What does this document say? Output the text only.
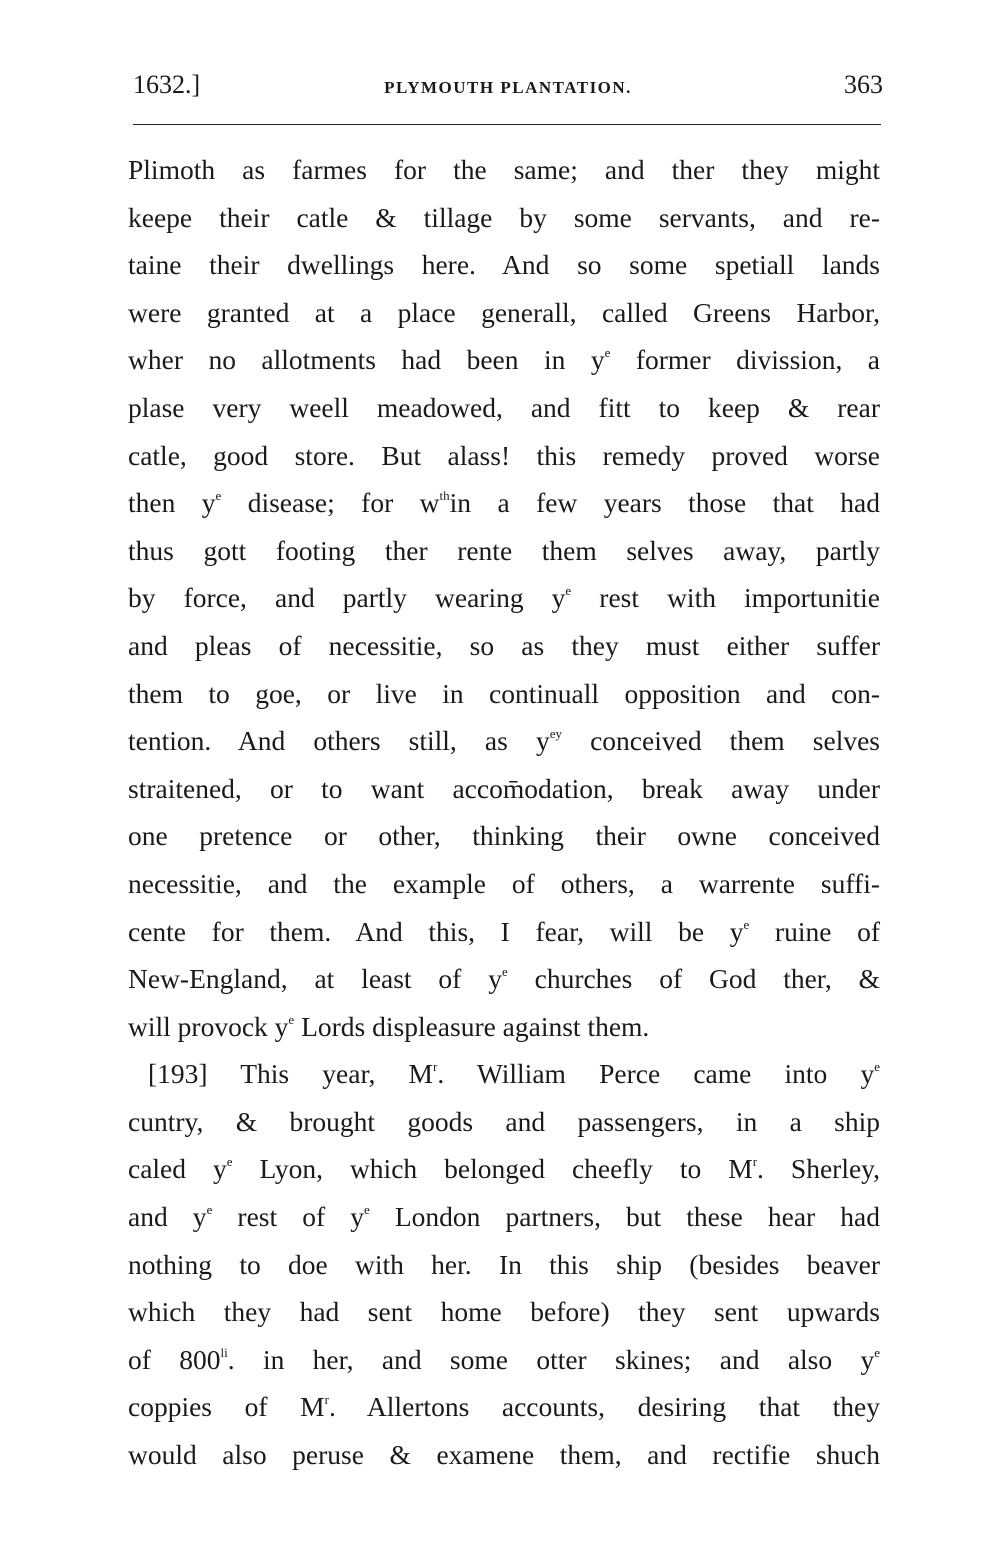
1632.]	PLYMOUTH PLANTATION.	363
Plimoth as farmes for the same; and ther they might
keepe their catle & tillage by some servants, and re-
taine their dwellings here. And so some spetiall lands
were granted at a place generall, called Greens Harbor,
wher no allotments had been in $y^e$ former divission, a
plase very weell meadowed, and fitt to keep & rear
catle, good store. But alass! this remedy proved worse
then $y^e$ disease; for $w^{th}in$ a few years those that had
thus gott footing ther rente them selves away, partly
by force, and partly wearing $y^e$ rest with importunitie
and pleas of necessitie, so as they must either suffer
them to goe, or live in continuall opposition and con-
tention. And others still, as $y^{ey}$ conceived them selves
straitened, or to want accom̄odation, break away under
one pretence or other, thinking their owne conceived
necessitie, and the example of others, a warrente suffi-
cente for them. And this, I fear, will be $y^e$ ruine of
New-England, at least of $y^e$ churches of God ther, &
will provock $y^e$ Lords displeasure against them.
[193] This year, $M^r$. William Perce came into $y^e$
cuntry, & brought goods and passengers, in a ship
caled $y^e$ Lyon, which belonged cheefly to $M^r$. Sherley,
and $y^e$ rest of $y^e$ London partners, but these hear had
nothing to doe with her. In this ship (besides beaver
which they had sent home before) they sent upwards
of $800^{li}$. in her, and some otter skines; and also $y^e$
coppies of $M^r$. Allertons accounts, desiring that they
would also peruse & examene them, and rectifie shuch
